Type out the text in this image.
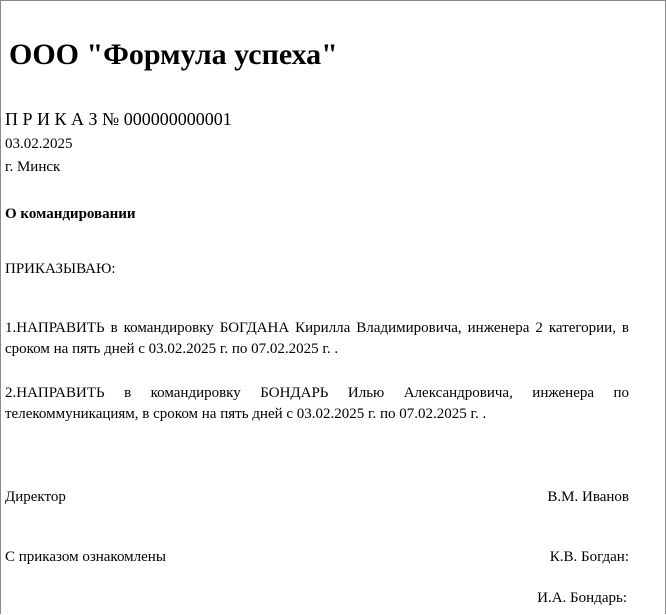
ООО "Формула успеха"
П Р И К А З № 000000000001
03.02.2025
г. Минск
О командировании
ПРИКАЗЫВАЮ:
1.НАПРАВИТЬ в командировку БОГДАНА Кирилла Владимировича, инженера 2 категории, в сроком на пять дней с 03.02.2025 г. по 07.02.2025 г. .
2.НАПРАВИТЬ в командировку БОНДАРЬ Илью Александровича, инженера по телекоммуникациям, в сроком на пять дней с 03.02.2025 г. по 07.02.2025 г. .
Директор	В.М. Иванов
С приказом ознакомлены	К.В. Богдан:
И.А. Бондарь:
